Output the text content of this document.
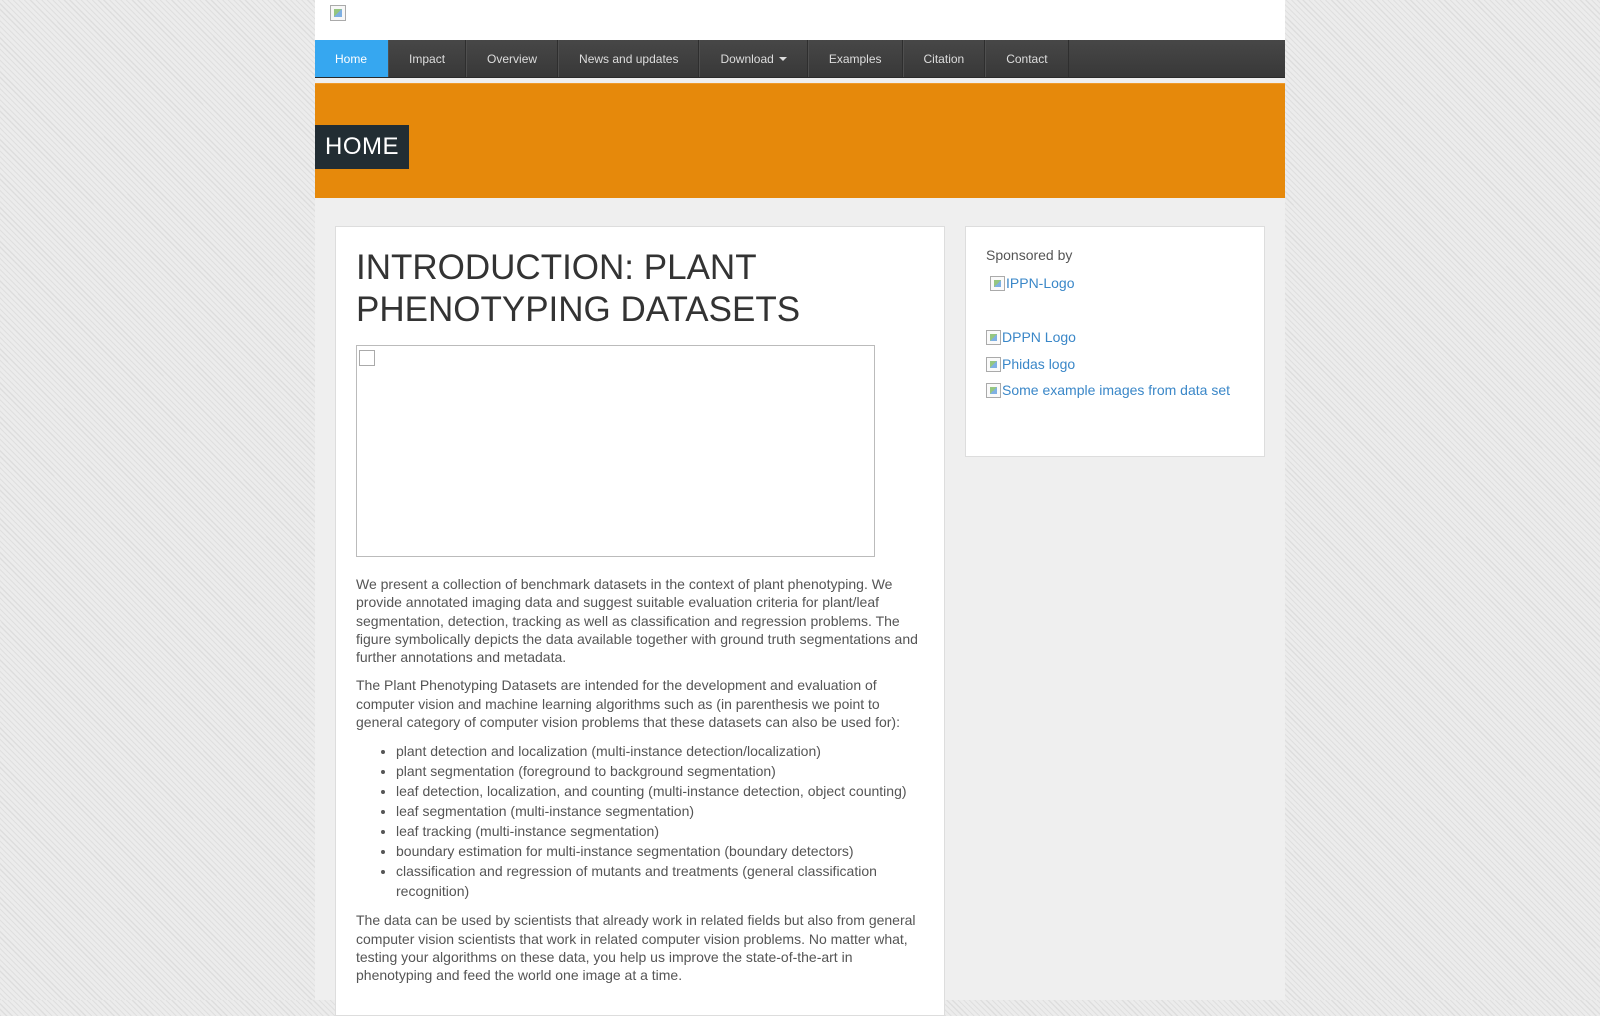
Home	Impact	Overview	News and updates	Download	Examples	Citation	Contact
HOME
INTRODUCTION: PLANT PHENOTYPING DATASETS

We present a collection of benchmark datasets in the context of plant phenotyping. We provide annotated imaging data and suggest suitable evaluation criteria for plant/leaf segmentation, detection, tracking as well as classification and regression problems. The figure symbolically depicts the data available together with ground truth segmentations and further annotations and metadata.

The Plant Phenotyping Datasets are intended for the development and evaluation of computer vision and machine learning algorithms such as (in parenthesis we point to general category of computer vision problems that these datasets can also be used for):

• plant detection and localization (multi-instance detection/localization)
• plant segmentation (foreground to background segmentation)
• leaf detection, localization, and counting (multi-instance detection, object counting)
• leaf segmentation (multi-instance segmentation)
• leaf tracking (multi-instance segmentation)
• boundary estimation for multi-instance segmentation (boundary detectors)
• classification and regression of mutants and treatments (general classification recognition)

The data can be used by scientists that already work in related fields but also from general computer vision scientists that work in related computer vision problems. No matter what, testing your algorithms on these data, you help us improve the state-of-the-art in phenotyping and feed the world one image at a time.

Sponsored by
IPPN-Logo
DPPN Logo
Phidas logo
Some example images from data set
